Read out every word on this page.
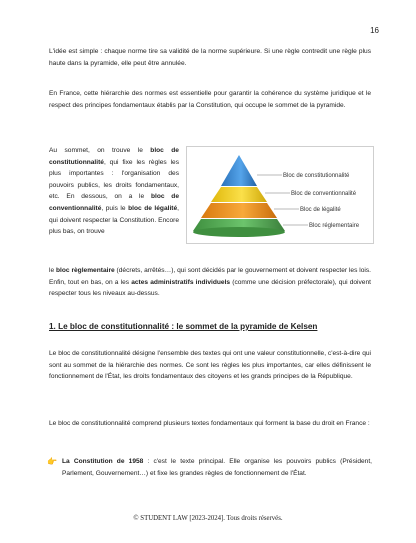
16

L'idée est simple : chaque norme tire sa validité de la norme supérieure. Si une règle contredit une règle plus haute dans la pyramide, elle peut être annulée.

En France, cette hiérarchie des normes est essentielle pour garantir la cohérence du système juridique et le respect des principes fondamentaux établis par la Constitution, qui occupe le sommet de la pyramide.

Au sommet, on trouve le bloc de constitutionnalité, qui fixe les règles les plus importantes : l'organisation des pouvoirs publics, les droits fondamentaux, etc. En dessous, on a le bloc de conventionnalité, puis le bloc de légalité, qui doivent respecter la Constitution. Encore plus bas, on trouve

le bloc règlementaire (décrets, arrêtés…), qui sont décidés par le gouvernement et doivent respecter les lois. Enfin, tout en bas, on a les actes administratifs individuels (comme une décision préfectorale), qui doivent respecter tous les niveaux au-dessus.

Bloc de constitutionnalité
Bloc de conventionnalité
Bloc de légalité
Bloc réglementaire
1. Le bloc de constitutionnalité : le sommet de la pyramide de Kelsen

Le bloc de constitutionnalité désigne l'ensemble des textes qui ont une valeur constitutionnelle, c'est-à-dire qui sont au sommet de la hiérarchie des normes. Ce sont les règles les plus importantes, car elles définissent le fonctionnement de l'État, les droits fondamentaux des citoyens et les grands principes de la République.

Le bloc de constitutionnalité comprend plusieurs textes fondamentaux qui forment la base du droit en France :

👉 La Constitution de 1958 : c'est le texte principal. Elle organise les pouvoirs publics (Président, Parlement, Gouvernement…) et fixe les grandes règles de fonctionnement de l'État.

© STUDENT LAW [2023-2024]. Tous droits réservés.
